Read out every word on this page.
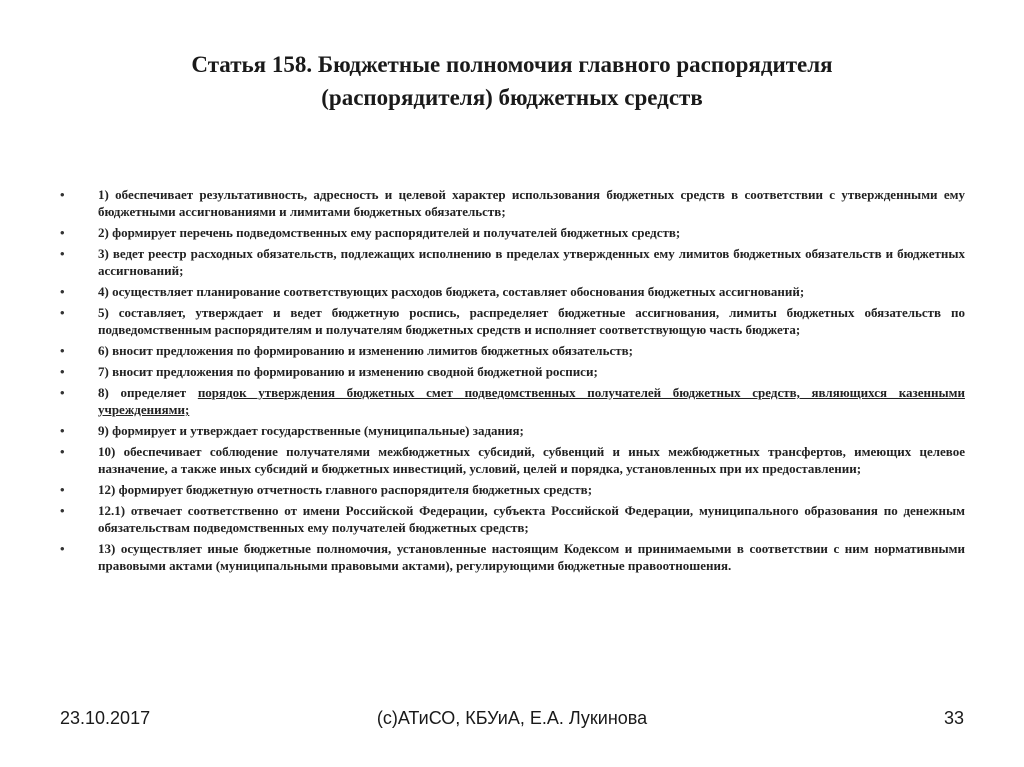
Статья 158. Бюджетные полномочия главного распорядителя
(распорядителя) бюджетных средств
•	1) обеспечивает результативность, адресность и целевой характер использования бюджетных средств в соответствии с утвержденными ему бюджетными ассигнованиями и лимитами бюджетных обязательств;
•	2) формирует перечень подведомственных ему распорядителей и получателей бюджетных средств;
•	3) ведет реестр расходных обязательств, подлежащих исполнению в пределах утвержденных ему лимитов бюджетных обязательств и бюджетных ассигнований;
•	4) осуществляет планирование соответствующих расходов бюджета, составляет обоснования бюджетных ассигнований;
•	5) составляет, утверждает и ведет бюджетную роспись, распределяет бюджетные ассигнования, лимиты бюджетных обязательств по подведомственным распорядителям и получателям бюджетных средств и исполняет соответствующую часть бюджета;
•	6) вносит предложения по формированию и изменению лимитов бюджетных обязательств;
•	7) вносит предложения по формированию и изменению сводной бюджетной росписи;
•	8) определяет порядок утверждения бюджетных смет подведомственных получателей бюджетных средств, являющихся казенными учреждениями;
•	9) формирует и утверждает государственные (муниципальные) задания;
•	10) обеспечивает соблюдение получателями межбюджетных субсидий, субвенций и иных межбюджетных трансфертов, имеющих целевое назначение, а также иных субсидий и бюджетных инвестиций, условий, целей и порядка, установленных при их предоставлении;
•	12) формирует бюджетную отчетность главного распорядителя бюджетных средств;
•	12.1) отвечает соответственно от имени Российской Федерации, субъекта Российской Федерации, муниципального образования по денежным обязательствам подведомственных ему получателей бюджетных средств;
•	13) осуществляет иные бюджетные полномочия, установленные настоящим Кодексом и принимаемыми в соответствии с ним нормативными правовыми актами (муниципальными правовыми актами), регулирующими бюджетные правоотношения.
23.10.2017	(с)АТиСО, КБУиА, Е.А. Лукинова	33
